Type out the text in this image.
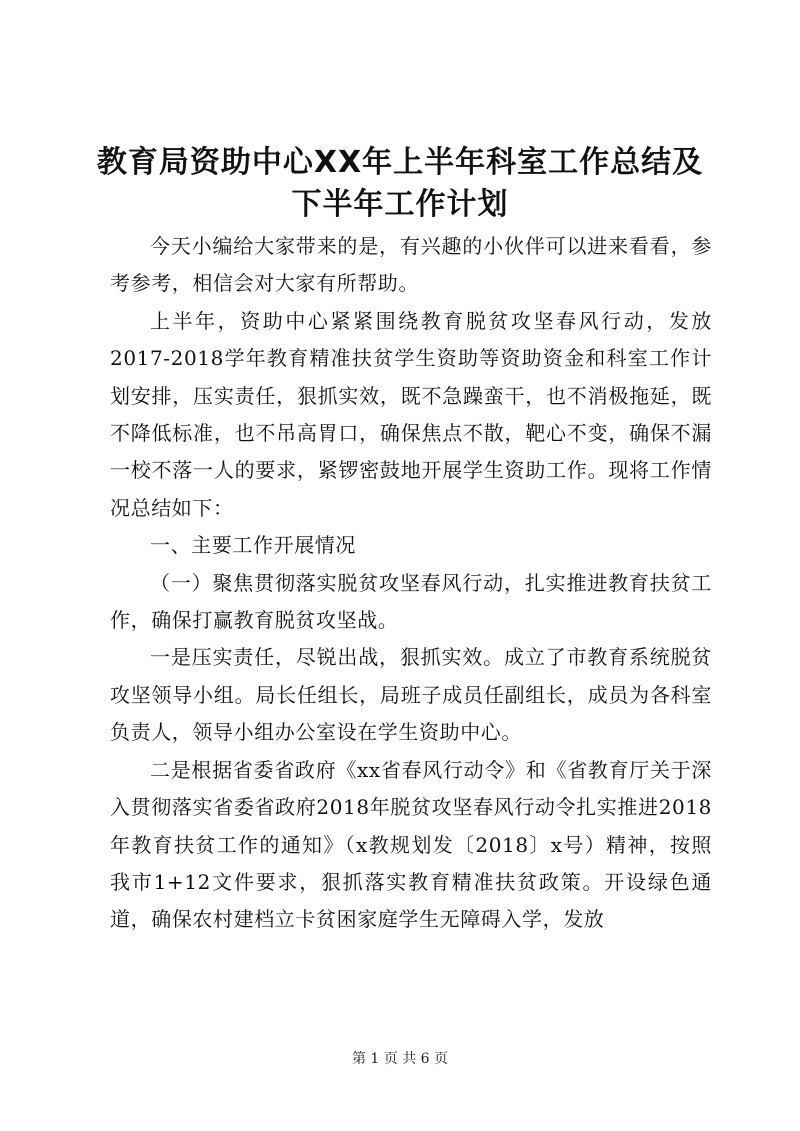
教育局资助中心XX年上半年科室工作总结及
下半年工作计划

今天小编给大家带来的是，有兴趣的小伙伴可以进来看看，参考参考，相信会对大家有所帮助。

上半年，资助中心紧紧围绕教育脱贫攻坚春风行动，发放2017-2018学年教育精准扶贫学生资助等资助资金和科室工作计划安排，压实责任，狠抓实效，既不急躁蛮干，也不消极拖延，既不降低标准，也不吊高胃口，确保焦点不散，靶心不变，确保不漏一校不落一人的要求，紧锣密鼓地开展学生资助工作。现将工作情况总结如下：

一、主要工作开展情况

（一）聚焦贯彻落实脱贫攻坚春风行动，扎实推进教育扶贫工作，确保打赢教育脱贫攻坚战。

一是压实责任，尽锐出战，狠抓实效。成立了市教育系统脱贫攻坚领导小组。局长任组长，局班子成员任副组长，成员为各科室负责人，领导小组办公室设在学生资助中心。

二是根据省委省政府《xx省春风行动令》和《省教育厅关于深入贯彻落实省委省政府2018年脱贫攻坚春风行动令扎实推进2018年教育扶贫工作的通知》（x教规划发〔2018〕x号）精神，按照我市1+12文件要求，狠抓落实教育精准扶贫政策。开设绿色通道，确保农村建档立卡贫困家庭学生无障碍入学，发放

第 1 页 共 6 页
